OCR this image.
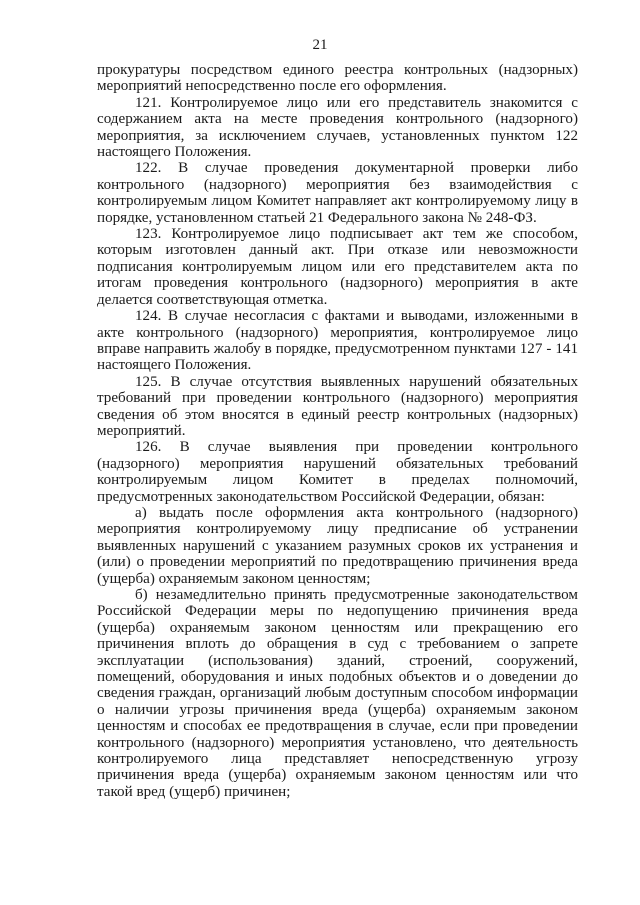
21

прокуратуры посредством единого реестра контрольных (надзорных) мероприятий непосредственно после его оформления.

121. Контролируемое лицо или его представитель знакомится с содержанием акта на месте проведения контрольного (надзорного) мероприятия, за исключением случаев, установленных пунктом 122 настоящего Положения.

122. В случае проведения документарной проверки либо контрольного (надзорного) мероприятия без взаимодействия с контролируемым лицом Комитет направляет акт контролируемому лицу в порядке, установленном статьей 21 Федерального закона № 248-ФЗ.

123. Контролируемое лицо подписывает акт тем же способом, которым изготовлен данный акт. При отказе или невозможности подписания контролируемым лицом или его представителем акта по итогам проведения контрольного (надзорного) мероприятия в акте делается соответствующая отметка.

124. В случае несогласия с фактами и выводами, изложенными в акте контрольного (надзорного) мероприятия, контролируемое лицо вправе направить жалобу в порядке, предусмотренном пунктами 127 - 141 настоящего Положения.

125. В случае отсутствия выявленных нарушений обязательных требований при проведении контрольного (надзорного) мероприятия сведения об этом вносятся в единый реестр контрольных (надзорных) мероприятий.

126. В случае выявления при проведении контрольного (надзорного) мероприятия нарушений обязательных требований контролируемым лицом Комитет в пределах полномочий, предусмотренных законодательством Российской Федерации, обязан:

а) выдать после оформления акта контрольного (надзорного) мероприятия контролируемому лицу предписание об устранении выявленных нарушений с указанием разумных сроков их устранения и (или) о проведении мероприятий по предотвращению причинения вреда (ущерба) охраняемым законом ценностям;

б) незамедлительно принять предусмотренные законодательством Российской Федерации меры по недопущению причинения вреда (ущерба) охраняемым законом ценностям или прекращению его причинения вплоть до обращения в суд с требованием о запрете эксплуатации (использования) зданий, строений, сооружений, помещений, оборудования и иных подобных объектов и о доведении до сведения граждан, организаций любым доступным способом информации о наличии угрозы причинения вреда (ущерба) охраняемым законом ценностям и способах ее предотвращения в случае, если при проведении контрольного (надзорного) мероприятия установлено, что деятельность контролируемого лица представляет непосредственную угрозу причинения вреда (ущерба) охраняемым законом ценностям или что такой вред (ущерб) причинен;
